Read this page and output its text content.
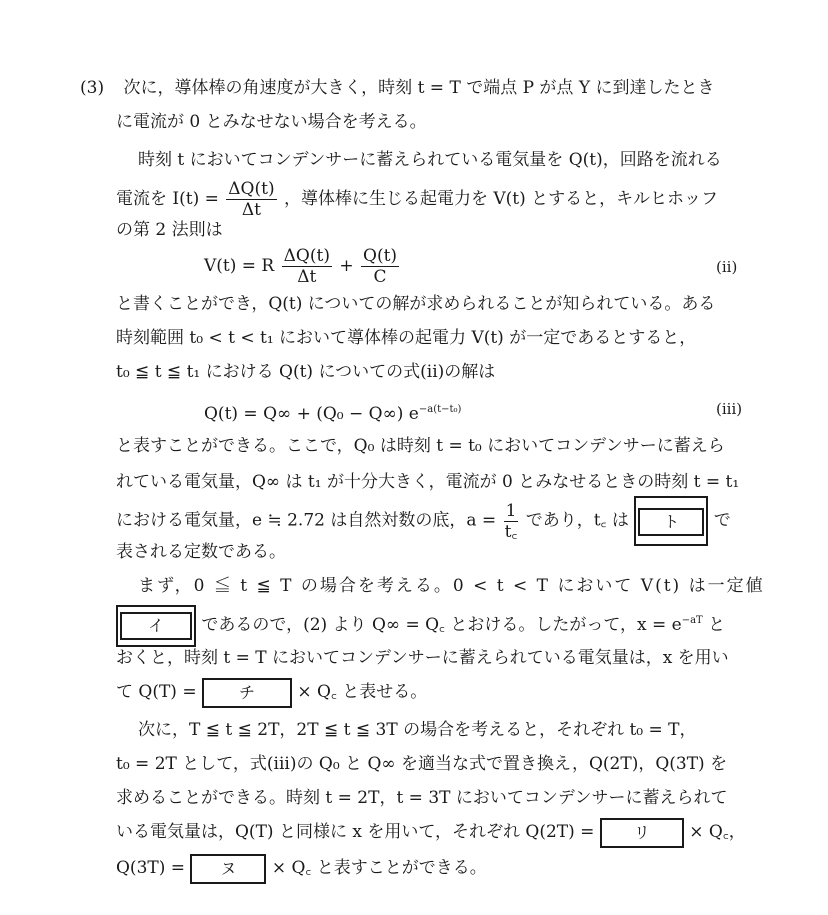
(3) 次に，導体棒の角速度が大きく，時刻 t = T で端点 P が点 Y に到達したとき
に電流が 0 とみなせない場合を考える。
時刻 t においてコンデンサーに蓄えられている電気量を Q(t)，回路を流れる
電流を $I(t) = \frac{\Delta Q(t)}{\Delta t}$ ，導体棒に生じる起電力を V(t) とすると，キルヒホッフ
の第 2 法則は
V(t) = R $\frac{\Delta Q(t)}{\Delta t} + \frac{Q(t)}{C}$	(ii)
と書くことができ，Q(t) についての解が求められることが知られている。ある
時刻範囲 t₀ < t < t₁ において導体棒の起電力 V(t) が一定であるとすると，
t₀ ≦ t ≦ t₁ における Q(t) についての式(ii)の解は
Q(t) = Q∞ + (Q₀ − Q∞) $e^{-a(t-t_0)}$	(iii)
と表すことができる。ここで，Q₀ は時刻 t = t₀ においてコンデンサーに蓄えら
れている電気量，Q∞ は t₁ が十分大きく，電流が 0 とみなせるときの時刻 t = t₁
における電気量，e ≒ 2.72 は自然対数の底，$a = \frac{1}{t꜀}$ であり，t꜀ は ト で
表される定数である。
まず，0 ≦ t ≦ T の場合を考える。0 < t < T において V(t) は一定値
イ であるので，(2) より Q∞ = Q꜀ とおける。したがって，$x = e^{-aT}$ と
おくと，時刻 t = T においてコンデンサーに蓄えられている電気量は，x を用い
て Q(T) =	チ × Q꜀ と表せる。
次に，T ≦ t ≦ 2T，2T ≦ t ≦ 3T の場合を考えると，それぞれ t₀ = T，
t₀ = 2T として，式(iii)の Q₀ と Q∞ を適当な式で置き換え，Q(2T)，Q(3T) を
求めることができる。時刻 t = 2T，t = 3T においてコンデンサーに蓄えられて
いる電気量は，Q(T) と同様に x を用いて，それぞれ Q(2T) = リ × Q꜀，
Q(3T) = ヌ × Q꜀ と表すことができる。
